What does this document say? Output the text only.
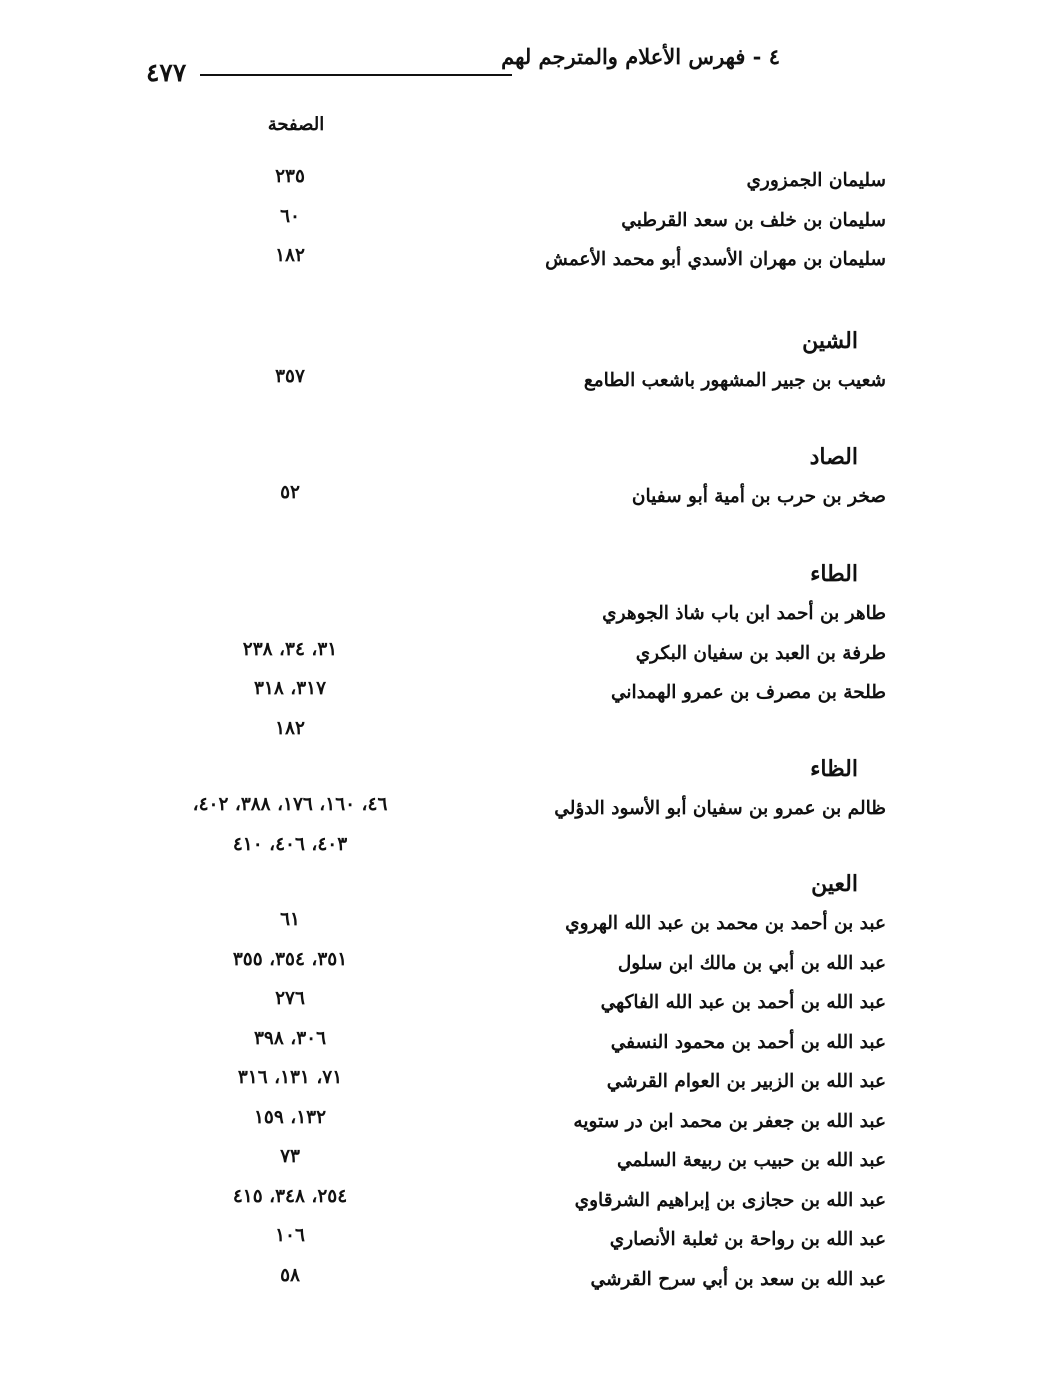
٤٧٧
٤ - فهرس الأعلام والمترجم لهم
الصفحة
سليمان الجمزوري
٢٣٥
سليمان بن خلف بن سعد القرطبي
٦٠
سليمان بن مهران الأسدي أبو محمد الأعمش
١٨٢
الشين
شعيب بن جبير المشهور باشعب الطامع
٣٥٧
الصاد
صخر بن حرب بن أمية أبو سفيان
٥٢
الطاء
طاهر بن أحمد ابن باب شاذ الجوهري
طرفة بن العبد بن سفيان البكري
٣١، ٣٤، ٢٣٨
طلحة بن مصرف بن عمرو الهمداني
٣١٧، ٣١٨
١٨٢
الظاء
ظالم بن عمرو بن سفيان أبو الأسود الدؤلي
٤٦، ١٦٠، ١٧٦، ٣٨٨، ٤٠٢،
٤٠٣، ٤٠٦، ٤١٠
العين
عبد بن أحمد بن محمد بن عبد الله الهروي
٦١
عبد الله بن أبي بن مالك ابن سلول
٣٥١، ٣٥٤، ٣٥٥
عبد الله بن أحمد بن عبد الله الفاكهي
٢٧٦
عبد الله بن أحمد بن محمود النسفي
٣٠٦، ٣٩٨
عبد الله بن الزبير بن العوام القرشي
٧١، ١٣١، ٣١٦
عبد الله بن جعفر بن محمد ابن در ستويه
١٣٢، ١٥٩
عبد الله بن حبيب بن ربيعة السلمي
٧٣
عبد الله بن حجازى بن إبراهيم الشرقاوي
٢٥٤، ٣٤٨، ٤١٥
عبد الله بن رواحة بن ثعلبة الأنصاري
١٠٦
عبد الله بن سعد بن أبي سرح القرشي
٥٨
